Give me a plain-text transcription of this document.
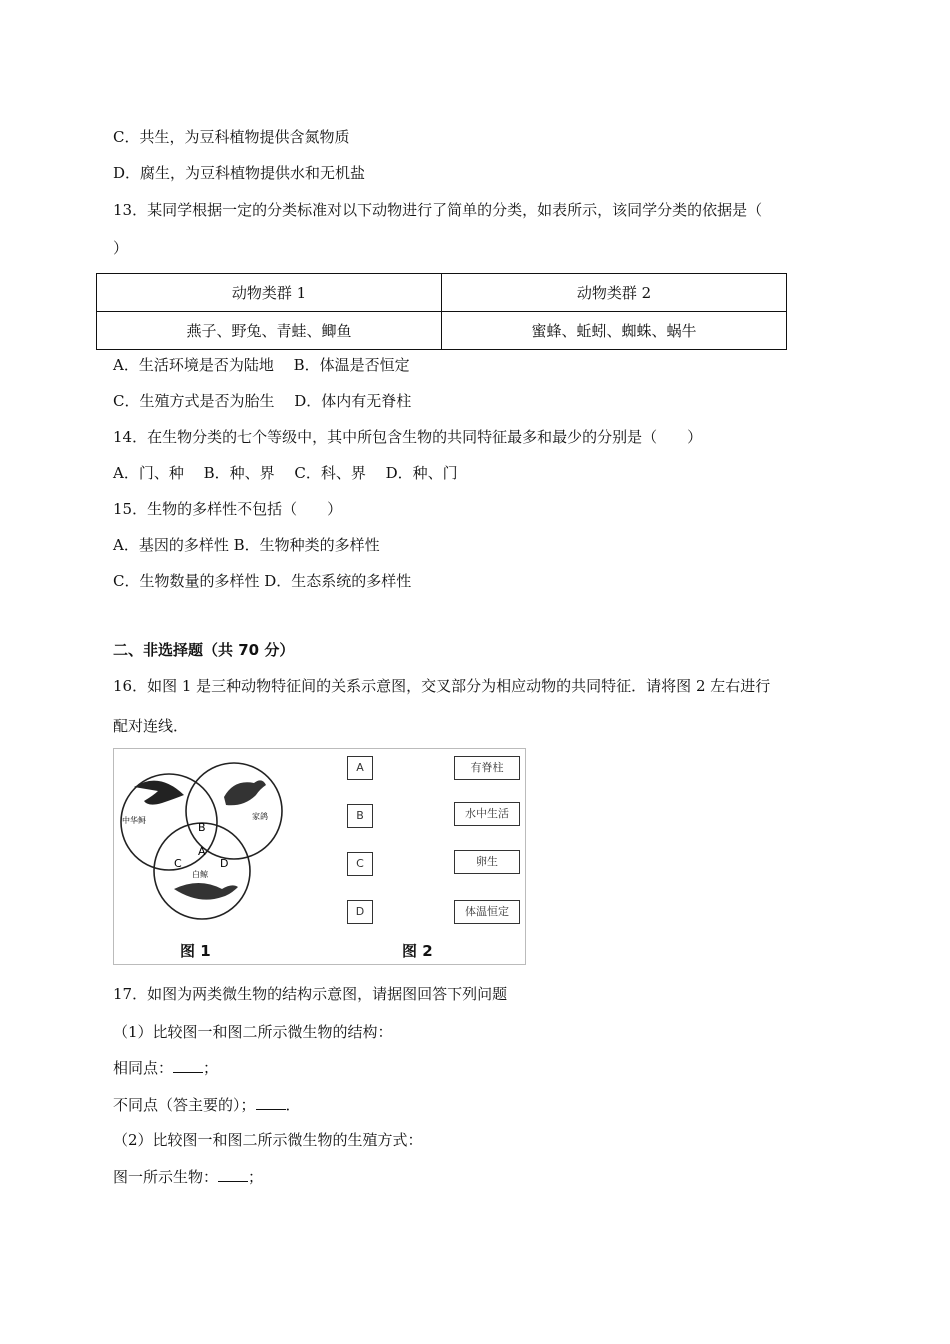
C．共生，为豆科植物提供含氮物质
D．腐生，为豆科植物提供水和无机盐
13．某同学根据一定的分类标准对以下动物进行了简单的分类，如表所示，该同学分类的依据是（
）
动物类群 1	动物类群 2
燕子、野兔、青蛙、鲫鱼	蜜蜂、蚯蚓、蜘蛛、蜗牛
A．生活环境是否为陆地　 B．体温是否恒定
C．生殖方式是否为胎生　 D．体内有无脊柱
14．在生物分类的七个等级中，其中所包含生物的共同特征最多和最少的分别是（　　）
A．门、种　 B．种、界　 C．科、界　 D．种、门
15．生物的多样性不包括（　　）
A．基因的多样性 B．生物种类的多样性
C．生物数量的多样性 D．生态系统的多样性
二、非选择题（共 70 分）
16．如图 1 是三种动物特征间的关系示意图，交叉部分为相应动物的共同特征．请将图 2 左右进行
配对连线．
B
A
C	D
中华鲟	家鸽
白鲸
A
B
C
D
有脊柱
水中生活
卵生
体温恒定
图 1	图 2
17．如图为两类微生物的结构示意图，请据图回答下列问题
（1）比较图一和图二所示微生物的结构：
相同点： ；
不同点（答主要的）； ．
（2）比较图一和图二所示微生物的生殖方式：
图一所示生物： ；
